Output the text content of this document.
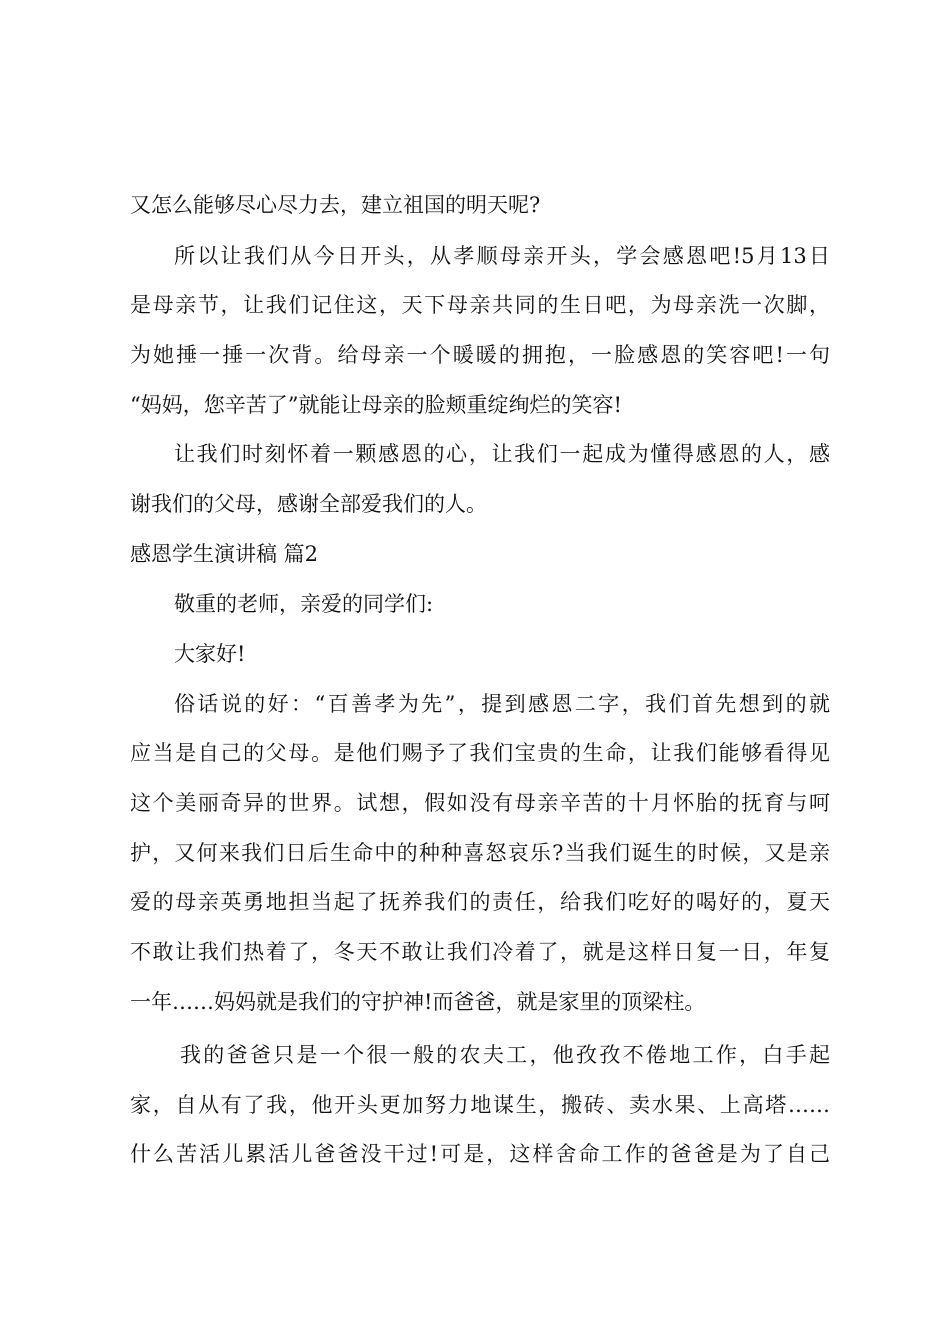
又怎么能够尽心尽力去，建立祖国的明天呢?
所以让我们从今日开头，从孝顺母亲开头，学会感恩吧!5月13日
是母亲节，让我们记住这，天下母亲共同的生日吧，为母亲洗一次脚，
为她捶一捶一次背。给母亲一个暖暖的拥抱，一脸感恩的笑容吧!一句
“妈妈，您辛苦了”就能让母亲的脸颊重绽绚烂的笑容!
让我们时刻怀着一颗感恩的心，让我们一起成为懂得感恩的人，感
谢我们的父母，感谢全部爱我们的人。
感恩学生演讲稿 篇2
敬重的老师，亲爱的同学们:
大家好!
俗话说的好：“百善孝为先”，提到感恩二字，我们首先想到的就
应当是自己的父母。是他们赐予了我们宝贵的生命，让我们能够看得见
这个美丽奇异的世界。试想，假如没有母亲辛苦的十月怀胎的抚育与呵
护，又何来我们日后生命中的种种喜怒哀乐?当我们诞生的时候，又是亲
爱的母亲英勇地担当起了抚养我们的责任，给我们吃好的喝好的，夏天
不敢让我们热着了，冬天不敢让我们冷着了，就是这样日复一日，年复
一年……妈妈就是我们的守护神!而爸爸，就是家里的顶梁柱。
我的爸爸只是一个很一般的农夫工，他孜孜不倦地工作，白手起
家，自从有了我，他开头更加努力地谋生，搬砖、卖水果、上高塔……
什么苦活儿累活儿爸爸没干过!可是，这样舍命工作的爸爸是为了自己
